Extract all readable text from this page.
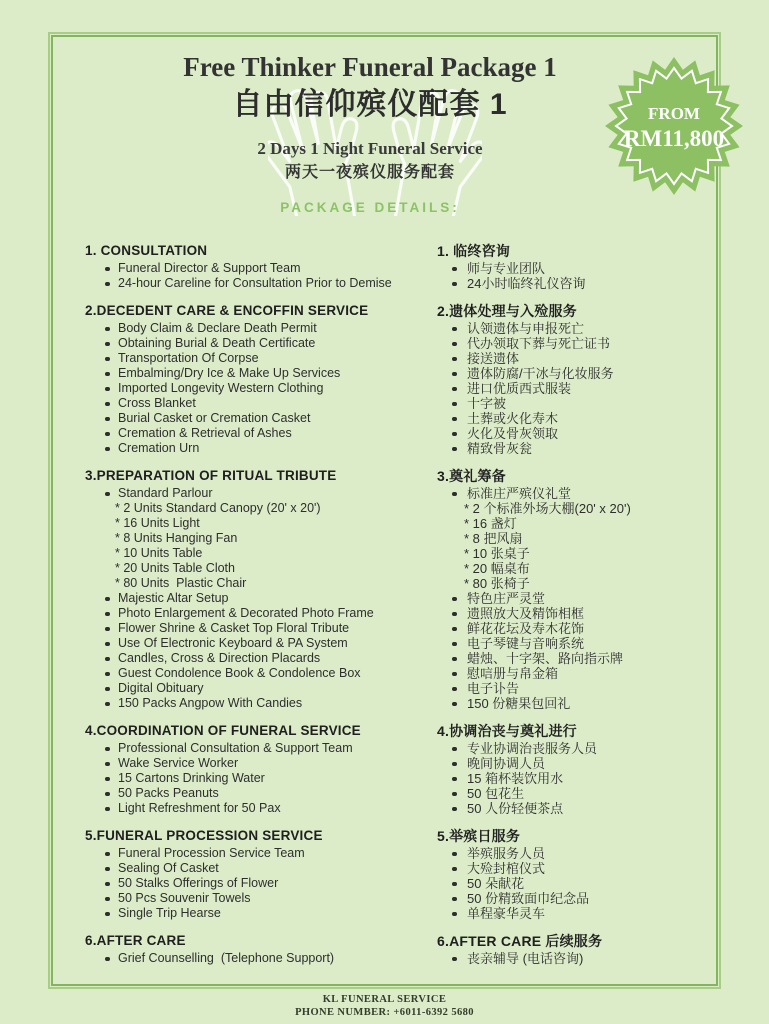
Free Thinker Funeral Package 1
自由信仰殡仪配套 1
2 Days 1 Night Funeral Service
两天一夜殡仪服务配套
PACKAGE DETAILS:
FROM
RM11,800
1. CONSULTATION
Funeral Director & Support Team
24-hour Careline for Consultation Prior to Demise
2.DECEDENT CARE & ENCOFFIN SERVICE
Body Claim & Declare Death Permit
Obtaining Burial & Death Certificate
Transportation Of Corpse
Embalming/Dry Ice & Make Up Services
Imported Longevity Western Clothing
Cross Blanket
Burial Casket or Cremation Casket
Cremation & Retrieval of Ashes
Cremation Urn
3.PREPARATION OF RITUAL TRIBUTE
Standard Parlour
* 2 Units Standard Canopy (20' x 20')
* 16 Units Light
* 8 Units Hanging Fan
* 10 Units Table
* 20 Units Table Cloth
* 80 Units  Plastic Chair
Majestic Altar Setup
Photo Enlargement & Decorated Photo Frame
Flower Shrine & Casket Top Floral Tribute
Use Of Electronic Keyboard & PA System
Candles, Cross & Direction Placards
Guest Condolence Book & Condolence Box
Digital Obituary
150 Packs Angpow With Candies
4.COORDINATION OF FUNERAL SERVICE
Professional Consultation & Support Team
Wake Service Worker
15 Cartons Drinking Water
50 Packs Peanuts
Light Refreshment for 50 Pax
5.FUNERAL PROCESSION SERVICE
Funeral Procession Service Team
Sealing Of Casket
50 Stalks Offerings of Flower
50 Pcs Souvenir Towels
Single Trip Hearse
6.AFTER CARE
Grief Counselling  (Telephone Support)
1. 临终咨询
师与专业团队
24小时临终礼仪咨询
2.遗体处理与入殓服务
认领遗体与申报死亡
代办领取下葬与死亡证书
接送遗体
遗体防腐/干冰与化妆服务
进口优质西式服装
十字被
土葬或火化寿木
火化及骨灰领取
精致骨灰瓮
3.奠礼筹备
标准庄严殡仪礼堂
* 2 个标准外场大棚(20' x 20')
* 16 盏灯
* 8 把风扇
* 10 张桌子
* 20 幅桌布
* 80 张椅子
特色庄严灵堂
遗照放大及精饰相框
鲜花花坛及寿木花饰
电子琴键与音响系统
蜡烛、十字架、路向指示牌
慰唁册与帛金箱
电子讣告
150 份糖果包回礼
4.协调治丧与奠礼进行
专业协调治丧服务人员
晚间协调人员
15 箱杯装饮用水
50 包花生
50 人份轻便茶点
5.举殡日服务
举殡服务人员
大殓封棺仪式
50 朵献花
50 份精致面巾纪念品
单程豪华灵车
6.AFTER CARE 后续服务
丧亲辅导 (电话咨询)
KL FUNERAL SERVICE
PHONE NUMBER: +6011-6392 5680
